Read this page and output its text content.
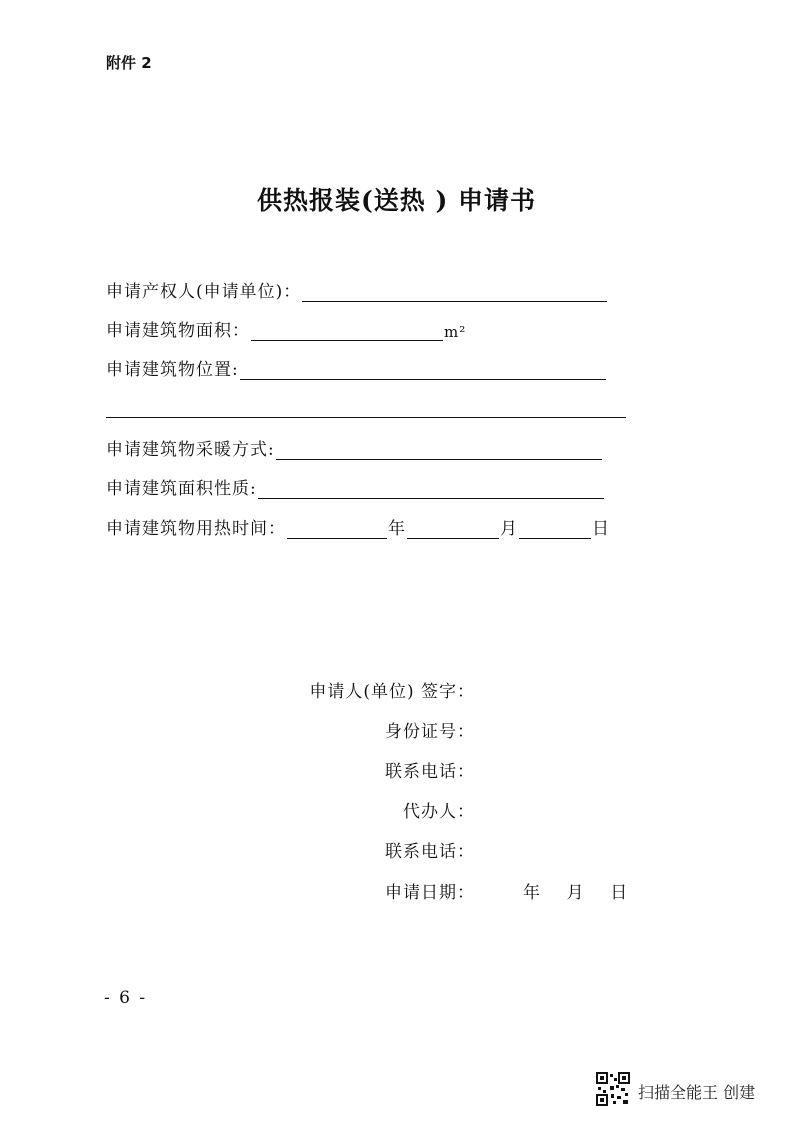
附件 2
供热报装(送热 ) 申请书
申请产权人(申请单位)：
申请建筑物面积：	m²
申请建筑物位置:
申请建筑物采暖方式:
申请建筑面积性质:
申请建筑物用热时间：	年	月	日
申请人(单位) 签字：
身份证号：
联系电话：
代办人：
联系电话：
申请日期：	年    月    日
- 6 -
扫描全能王 创建
